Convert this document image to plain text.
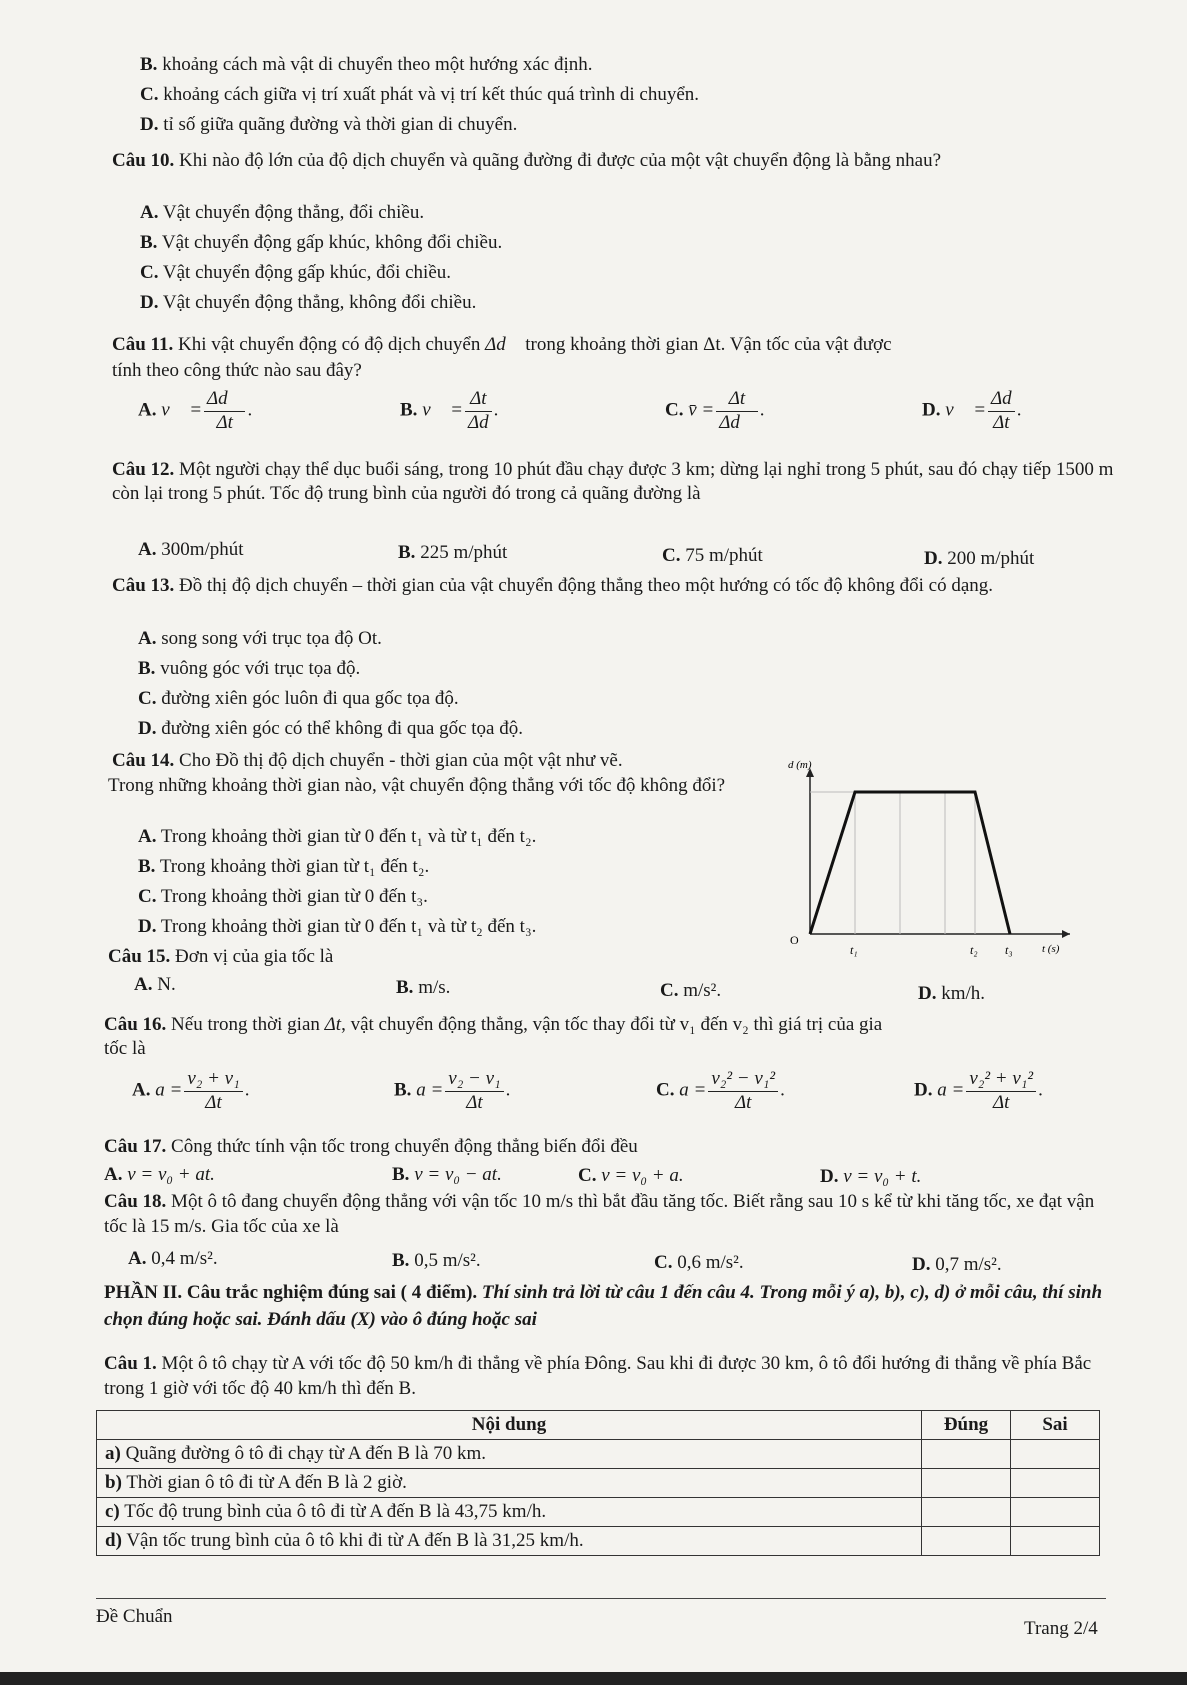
B. khoảng cách mà vật di chuyển theo một hướng xác định.
C. khoảng cách giữa vị trí xuất phát và vị trí kết thúc quá trình di chuyển.
D. tỉ số giữa quãng đường và thời gian di chuyển.
Câu 10. Khi nào độ lớn của độ dịch chuyển và quãng đường đi được của một vật chuyển động là bằng nhau?
A. Vật chuyển động thẳng, đổi chiều.
B. Vật chuyển động gấp khúc, không đổi chiều.
C. Vật chuyển động gấp khúc, đổi chiều.
D. Vật chuyển động thẳng, không đổi chiều.
Câu 11. Khi vật chuyển động có độ dịch chuyển Δd⃗ trong khoảng thời gian Δt. Vận tốc của vật được
tính theo công thức nào sau đây?
A. v⃗ = $\frac{\Delta d⃗}{\Delta t}$ .	B. v⃗ = $\frac{\Delta t}{\Delta d}$ .	C. v̄ = $\frac{\Delta t}{\Delta d⃗}$ .	D. v⃗ = $\frac{\Delta d}{\Delta t}$ .
Câu 12. Một người chạy thể dục buổi sáng, trong 10 phút đầu chạy được 3 km; dừng lại nghỉ trong 5 phút, sau đó chạy tiếp 1500 m còn lại trong 5 phút. Tốc độ trung bình của người đó trong cả quãng đường là
A. 300m/phút	B. 225 m/phút	C. 75 m/phút	D. 200 m/phút
Câu 13. Đồ thị độ dịch chuyển – thời gian của vật chuyển động thẳng theo một hướng có tốc độ không đổi có dạng.
A. song song với trục tọa độ Ot.
B. vuông góc với trục tọa độ.
C. đường xiên góc luôn đi qua gốc tọa độ.
D. đường xiên góc có thể không đi qua gốc tọa độ.
Câu 14. Cho Đồ thị độ dịch chuyển - thời gian của một vật như vẽ.
Trong những khoảng thời gian nào, vật chuyển động thẳng với tốc độ không đổi?
A. Trong khoảng thời gian từ 0 đến t₁ và từ t₁ đến t₂.
B. Trong khoảng thời gian từ t₁ đến t₂.
C. Trong khoảng thời gian từ 0 đến t₃.
D. Trong khoảng thời gian từ 0 đến t₁ và từ t₂ đến t₃.
d (m)
t (s)
O
t₁	t₂ t₃
Câu 15. Đơn vị của gia tốc là
A. N.	B. m/s.	C. m/s².	D. km/h.
Câu 16. Nếu trong thời gian Δt, vật chuyển động thẳng, vận tốc thay đổi từ v₁ đến v₂ thì giá trị của gia
tốc là
A. $a = \frac{\text{v₂ + v₁}}{\Delta t}$ .	B. $a = \frac{\text{v₂ − v₁}}{\Delta t}$ .	C. $a = \frac{\text{v₂² − v₁²}}{\Delta t}$ .	D. $a = \frac{\text{v₂² + v₁²}}{\Delta t}$ .
Câu 17. Công thức tính vận tốc trong chuyển động thẳng biến đổi đều
A. v = v₀ + at.	B. v = v₀ − at.	C. v = v₀ + a.	D. v = v₀ + t.
Câu 18. Một ô tô đang chuyển động thẳng với vận tốc 10 m/s thì bắt đầu tăng tốc. Biết rằng sau 10 s kể từ khi tăng tốc, xe đạt vận tốc là 15 m/s. Gia tốc của xe là
A. 0,4 m/s².	B. 0,5 m/s².	C. 0,6 m/s².	D. 0,7 m/s².
PHẦN II. Câu trắc nghiệm đúng sai ( 4 điểm). Thí sinh trả lời từ câu 1 đến câu 4. Trong mỗi ý a), b), c), d) ở mỗi câu, thí sinh chọn đúng hoặc sai. Đánh dấu (X) vào ô đúng hoặc sai
Câu 1. Một ô tô chạy từ A với tốc độ 50 km/h đi thẳng về phía Đông. Sau khi đi được 30 km, ô tô đổi hướng đi thẳng về phía Bắc trong 1 giờ với tốc độ 40 km/h thì đến B.
Nội dung	Đúng	Sai
a) Quãng đường ô tô đi chạy từ A đến B là 70 km.		
b) Thời gian ô tô đi từ A đến B là 2 giờ.		
c) Tốc độ trung bình của ô tô đi từ A đến B là 43,75 km/h.		
d) Vận tốc trung bình của ô tô khi đi từ A đến B là 31,25 km/h.		
Đề Chuẩn
Trang 2/4
